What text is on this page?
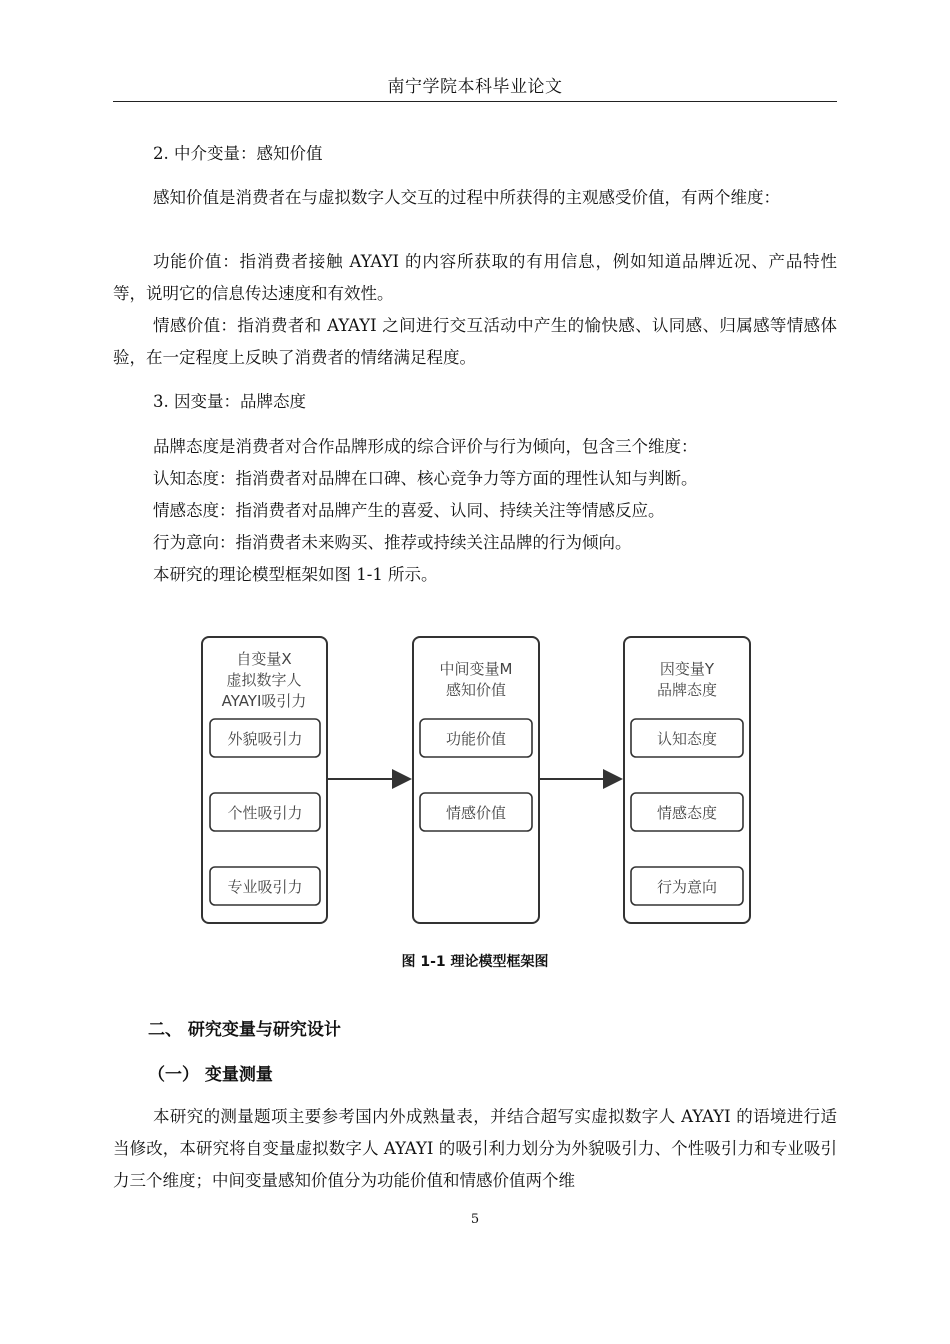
南宁学院本科毕业论文
2. 中介变量：感知价值

感知价值是消费者在与虚拟数字人交互的过程中所获得的主观感受价值，有两个维度：

功能价值：指消费者接触 AYAYI 的内容所获取的有用信息，例如知道品牌近况、产品特性等，说明它的信息传达速度和有效性。

情感价值：指消费者和 AYAYI 之间进行交互活动中产生的愉快感、认同感、归属感等情感体验，在一定程度上反映了消费者的情绪满足程度。

3. 因变量：品牌态度
品牌态度是消费者对合作品牌形成的综合评价与行为倾向，包含三个维度：
认知态度：指消费者对品牌在口碑、核心竞争力等方面的理性认知与判断。
情感态度：指消费者对品牌产生的喜爱、认同、持续关注等情感反应。
行为意向：指消费者未来购买、推荐或持续关注品牌的行为倾向。
本研究的理论模型框架如图 1-1 所示。
自变量X
虚拟数字人
AYAYI吸引力
外貌吸引力
个性吸引力
专业吸引力
中间变量M
感知价值
功能价值
情感价值
因变量Y
品牌态度
认知态度
情感态度
行为意向
图 1-1 理论模型框架图
二、 研究变量与研究设计
（一） 变量测量

本研究的测量题项主要参考国内外成熟量表，并结合超写实虚拟数字人 AYAYI 的语境进行适当修改，本研究将自变量虚拟数字人 AYAYI 的吸引利力划分为外貌吸引力、个性吸引力和专业吸引力三个维度；中间变量感知价值分为功能价值和情感价值两个维

5
